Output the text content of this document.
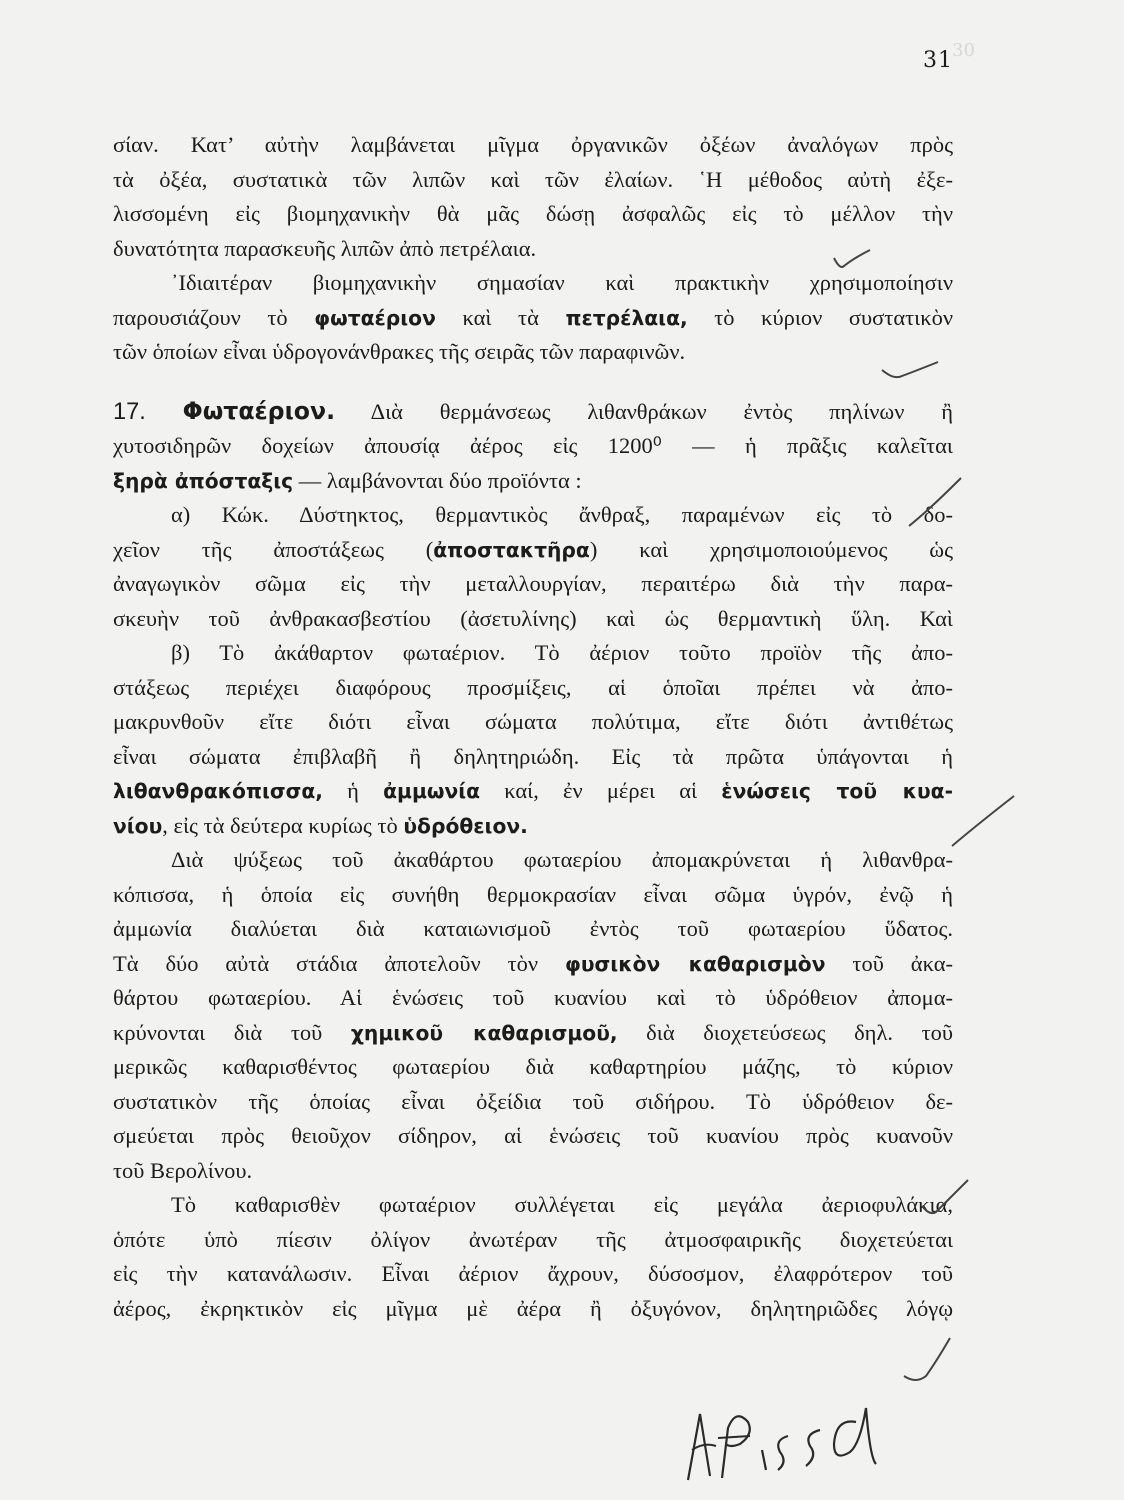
30
31
σίαν. Κατ’ αὐτὴν λαμβάνεται μῖγμα ὀργανικῶν ὀξέων ἀναλόγων πρὸς
τὰ ὀξέα, συστατικὰ τῶν λιπῶν καὶ τῶν ἐλαίων. ῾Η μέθοδος αὐτὴ ἐξε-
λισσομένη εἰς βιομηχανικὴν θὰ μᾶς δώσῃ ἀσφαλῶς εἰς τὸ μέλλον τὴν
δυνατότητα παρασκευῆς λιπῶν ἀπὸ πετρέλαια.
᾿Ιδιαιτέραν βιομηχανικὴν σημασίαν καὶ πρακτικὴν χρησιμοποίησιν
παρουσιάζουν τὸ φωταέριον καὶ τὰ πετρέλαια, τὸ κύριον συστατικὸν
τῶν ὁποίων εἶναι ὑδρογονάνθρακες τῆς σειρᾶς τῶν παραφινῶν.
17. Φωταέριον. Διὰ θερμάνσεως λιθανθράκων ἐντὸς πηλίνων ἢ
χυτοσιδηρῶν δοχείων ἀπουσίᾳ ἀέρος εἰς 1200⁰ — ἡ πρᾶξις καλεῖται
ξηρὰ ἀπόσταξις — λαμβάνονται δύο προϊόντα :
α) Κώκ. Δύστηκτος, θερμαντικὸς ἄνθραξ, παραμένων εἰς τὸ δο-
χεῖον τῆς ἀποστάξεως (ἀποστακτῆρα) καὶ χρησιμοποιούμενος ὡς
ἀναγωγικὸν σῶμα εἰς τὴν μεταλλουργίαν, περαιτέρω διὰ τὴν παρα-
σκευὴν τοῦ ἀνθρακασβεστίου (ἀσετυλίνης) καὶ ὡς θερμαντικὴ ὕλη. Καὶ
β) Τὸ ἀκάθαρτον φωταέριον. Τὸ ἀέριον τοῦτο προϊὸν τῆς ἀπο-
στάξεως περιέχει διαφόρους προσμίξεις, αἱ ὁποῖαι πρέπει νὰ ἀπο-
μακρυνθοῦν εἴτε διότι εἶναι σώματα πολύτιμα, εἴτε διότι ἀντιθέτως
εἶναι σώματα ἐπιβλαβῆ ἢ δηλητηριώδη. Εἰς τὰ πρῶτα ὑπάγονται ἡ
λιθανθρακόπισσα, ἡ ἀμμωνία καί, ἐν μέρει αἱ ἑνώσεις τοῦ κυα-
νίου, εἰς τὰ δεύτερα κυρίως τὸ ὑδρόθειον.
Διὰ ψύξεως τοῦ ἀκαθάρτου φωταερίου ἀπομακρύνεται ἡ λιθανθρα-
κόπισσα, ἡ ὁποία εἰς συνήθη θερμοκρασίαν εἶναι σῶμα ὑγρόν, ἐνῷ ἡ
ἀμμωνία διαλύεται διὰ καταιωνισμοῦ ἐντὸς τοῦ φωταερίου ὕδατος.
Τὰ δύο αὐτὰ στάδια ἀποτελοῦν τὸν φυσικὸν καθαρισμὸν τοῦ ἀκα-
θάρτου φωταερίου. Αἱ ἑνώσεις τοῦ κυανίου καὶ τὸ ὑδρόθειον ἀπομα-
κρύνονται διὰ τοῦ χημικοῦ καθαρισμοῦ, διὰ διοχετεύσεως δηλ. τοῦ
μερικῶς καθαρισθέντος φωταερίου διὰ καθαρτηρίου μάζης, τὸ κύριον
συστατικὸν τῆς ὁποίας εἶναι ὀξείδια τοῦ σιδήρου. Τὸ ὑδρόθειον δε-
σμεύεται πρὸς θειοῦχον σίδηρον, αἱ ἑνώσεις τοῦ κυανίου πρὸς κυανοῦν
τοῦ Βερολίνου.
Τὸ καθαρισθὲν φωταέριον συλλέγεται εἰς μεγάλα ἀεριοφυλάκια,
ὁπότε ὑπὸ πίεσιν ὀλίγον ἀνωτέραν τῆς ἀτμοσφαιρικῆς διοχετεύεται
εἰς τὴν κατανάλωσιν. Εἶναι ἀέριον ἄχρουν, δύσοσμον, ἐλαφρότερον τοῦ
ἀέρος, ἐκρηκτικὸν εἰς μῖγμα μὲ ἀέρα ἢ ὀξυγόνον, δηλητηριῶδες λόγῳ
